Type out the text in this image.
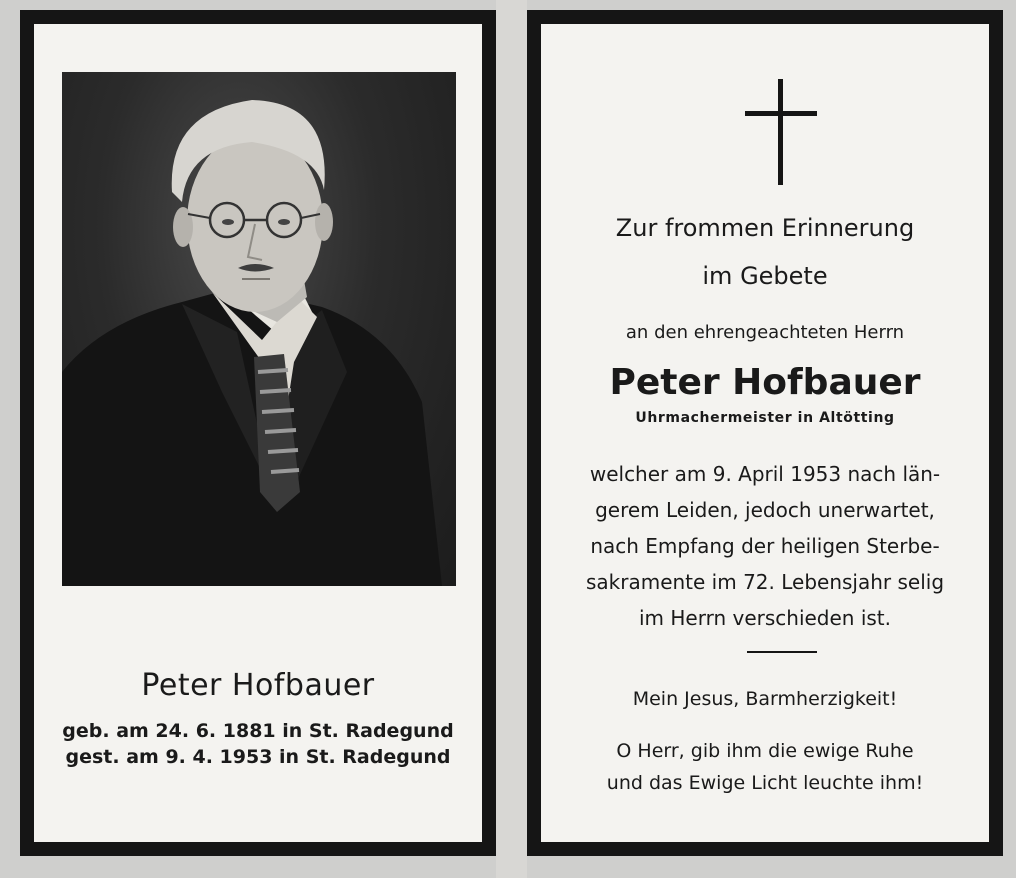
Peter Hofbauer
geb. am 24. 6. 1881 in St. Radegund
gest. am 9. 4. 1953 in St. Radegund
Zur frommen Erinnerung
im Gebete
an den ehrengeachteten Herrn
Peter Hofbauer
Uhrmachermeister in Altötting
welcher am 9. April 1953 nach län-
gerem Leiden, jedoch unerwartet,
nach Empfang der heiligen Sterbe-
sakramente im 72. Lebensjahr selig
im Herrn verschieden ist.
Mein Jesus, Barmherzigkeit!
O Herr, gib ihm die ewige Ruhe
und das Ewige Licht leuchte ihm!
